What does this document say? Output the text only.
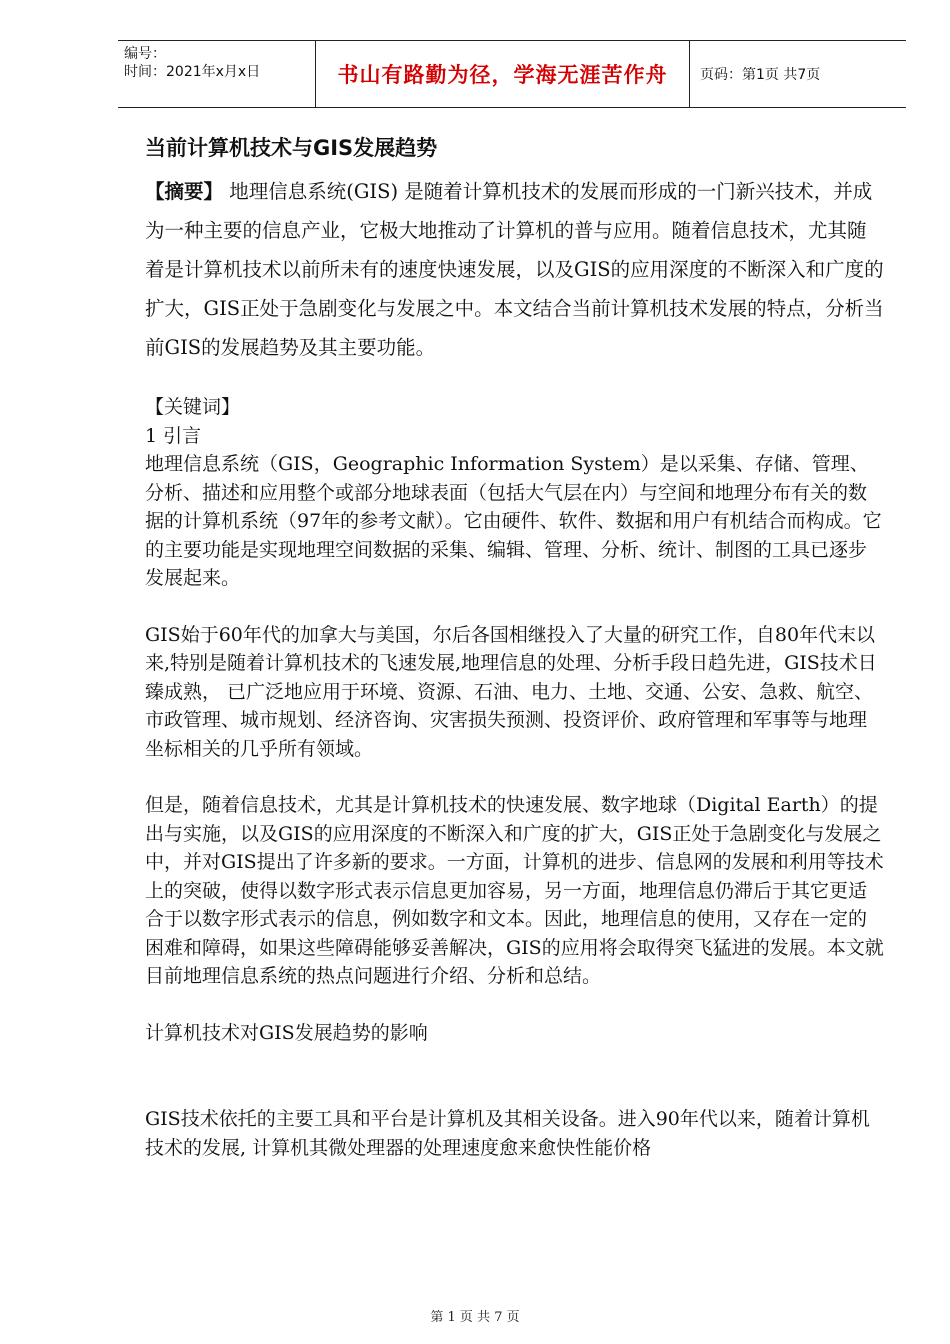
编号：
时间：2021年x月x日	书山有路勤为径，学海无涯苦作舟	页码：第1页 共7页
当前计算机技术与GIS发展趋势

【摘要】 地理信息系统(GIS) 是随着计算机技术的发展而形成的一门新兴技术，并成为一种主要的信息产业，它极大地推动了计算机的普与应用。随着信息技术，尤其随着是计算机技术以前所未有的速度快速发展，以及GIS的应用深度的不断深入和广度的扩大，GIS正处于急剧变化与发展之中。本文结合当前计算机技术发展的特点，分析当前GIS的发展趋势及其主要功能。

【关键词】

1 引言

地理信息系统（GIS，Geographic Information System）是以采集、存储、管理、分析、描述和应用整个或部分地球表面（包括大气层在内）与空间和地理分布有关的数据的计算机系统（97年的参考文献）。它由硬件、软件、数据和用户有机结合而构成。它的主要功能是实现地理空间数据的采集、编辑、管理、分析、统计、制图的工具已逐步发展起来。

GIS始于60年代的加拿大与美国，尔后各国相继投入了大量的研究工作，自80年代末以来,特别是随着计算机技术的飞速发展,地理信息的处理、分析手段日趋先进，GIS技术日臻成熟， 已广泛地应用于环境、资源、石油、电力、土地、交通、公安、急救、航空、市政管理、城市规划、经济咨询、灾害损失预测、投资评价、政府管理和军事等与地理坐标相关的几乎所有领域。

但是，随着信息技术，尤其是计算机技术的快速发展、数字地球（Digital Earth）的提出与实施，以及GIS的应用深度的不断深入和广度的扩大，GIS正处于急剧变化与发展之中，并对GIS提出了许多新的要求。一方面，计算机的进步、信息网的发展和利用等技术上的突破，使得以数字形式表示信息更加容易，另一方面，地理信息仍滞后于其它更适合于以数字形式表示的信息，例如数字和文本。因此，地理信息的使用，又存在一定的困难和障碍，如果这些障碍能够妥善解决，GIS的应用将会取得突飞猛进的发展。本文就目前地理信息系统的热点问题进行介绍、分析和总结。

计算机技术对GIS发展趋势的影响

GIS技术依托的主要工具和平台是计算机及其相关设备。进入90年代以来，随着计算机技术的发展, 计算机其微处理器的处理速度愈来愈快性能价格

第 1 页 共 7 页
